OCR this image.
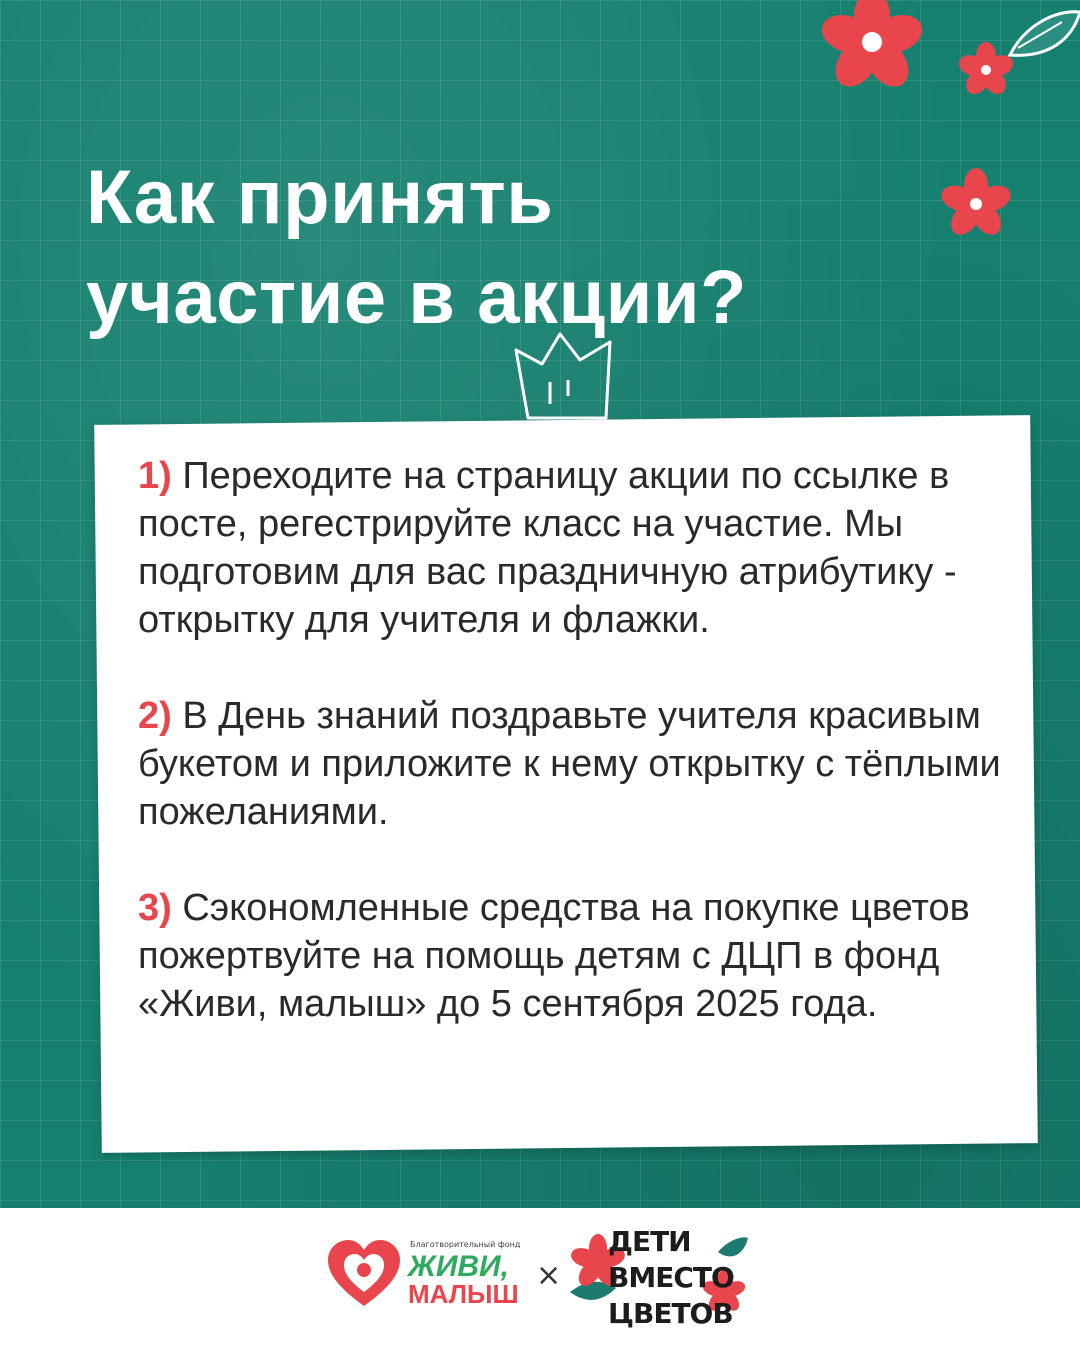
Как принять
участие в акции?

1) Переходите на страницу акции по ссылке в посте, регестрируйте класс на участие. Мы подготовим для вас праздничную атрибутику - открытку для учителя и флажки.

2) В День знаний поздравьте учителя красивым букетом и приложите к нему открытку с тёплыми пожеланиями.

3) Сэкономленные средства на покупке цветов пожертвуйте на помощь детям с ДЦП в фонд «Живи, малыш» до 5 сентября 2025 года.

Благотворительный фонд
ЖИВИ,
МАЛЫШ
×
ДЕТИ
ВМЕСТО
ЦВЕТОВ
